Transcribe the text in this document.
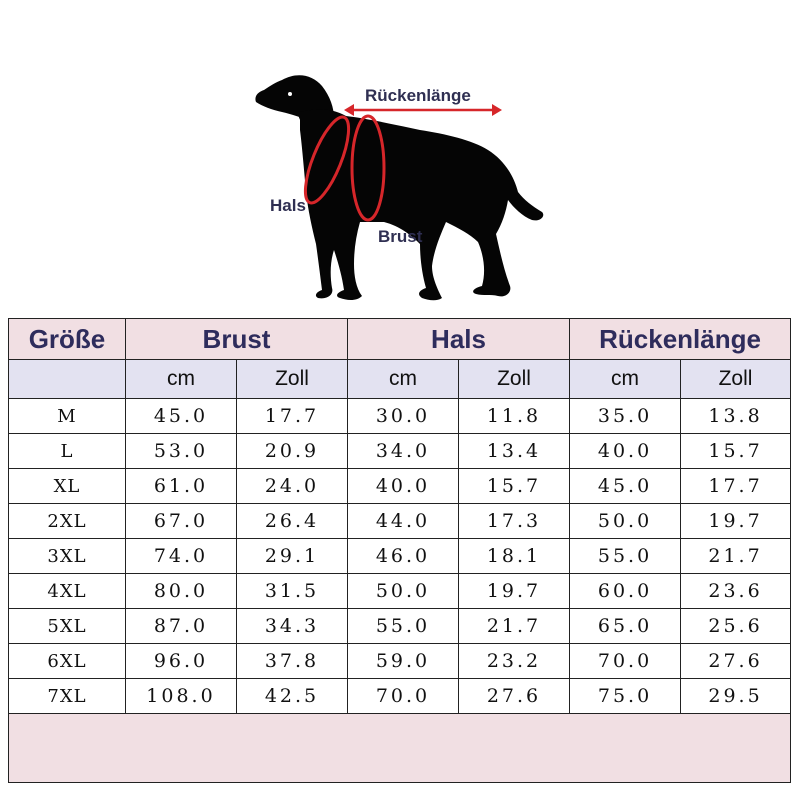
Rückenlänge
Hals
Brust
Größe	Brust		Hals		Rückenlänge	
	cm	Zoll	cm	Zoll	cm	Zoll
M	45.0	17.7	30.0	11.8	35.0	13.8
L	53.0	20.9	34.0	13.4	40.0	15.7
XL	61.0	24.0	40.0	15.7	45.0	17.7
2XL	67.0	26.4	44.0	17.3	50.0	19.7
3XL	74.0	29.1	46.0	18.1	55.0	21.7
4XL	80.0	31.5	50.0	19.7	60.0	23.6
5XL	87.0	34.3	55.0	21.7	65.0	25.6
6XL	96.0	37.8	59.0	23.2	70.0	27.6
7XL	108.0	42.5	70.0	27.6	75.0	29.5
